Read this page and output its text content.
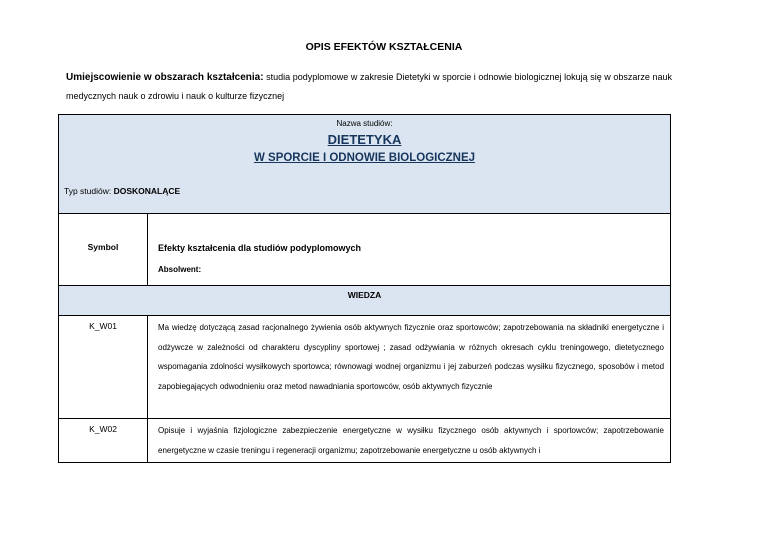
OPIS EFEKTÓW KSZTAŁCENIA
Umiejscowienie w obszarach kształcenia: studia podyplomowe w zakresie Dietetyki w sporcie i odnowie biologicznej lokują się w obszarze nauk medycznych nauk o zdrowiu i nauk o kulturze fizycznej
Nazwa studiów:
DIETETYKA
W SPORCIE I ODNOWIE BIOLOGICZNEJ
Typ studiów: DOSKONALĄCE	

Symbol	Efekty kształcenia dla studiów podyplomowych
Absolwent:

WIEDZA	

K_W01	Ma wiedzę dotyczącą zasad racjonalnego żywienia osób aktywnych fizycznie oraz sportowców; zapotrzebowania na składniki energetyczne i odżywcze w zależności od charakteru dyscypliny sportowej ; zasad odżywiania w różnych okresach cyklu treningowego, dietetycznego wspomagania zdolności wysiłkowych sportowca; równowagi wodnej organizmu i jej zaburzeń podczas wysiłku fizycznego, sposobów i metod zapobiegających odwodnieniu oraz metod nawadniania sportowców, osób aktywnych fizycznie

K_W02	Opisuje i wyjaśnia fizjologiczne zabezpieczenie energetyczne w wysiłku fizycznego osób aktywnych i sportowców; zapotrzebowanie energetyczne w czasie treningu i regeneracji organizmu; zapotrzebowanie energetyczne u osób aktywnych i
